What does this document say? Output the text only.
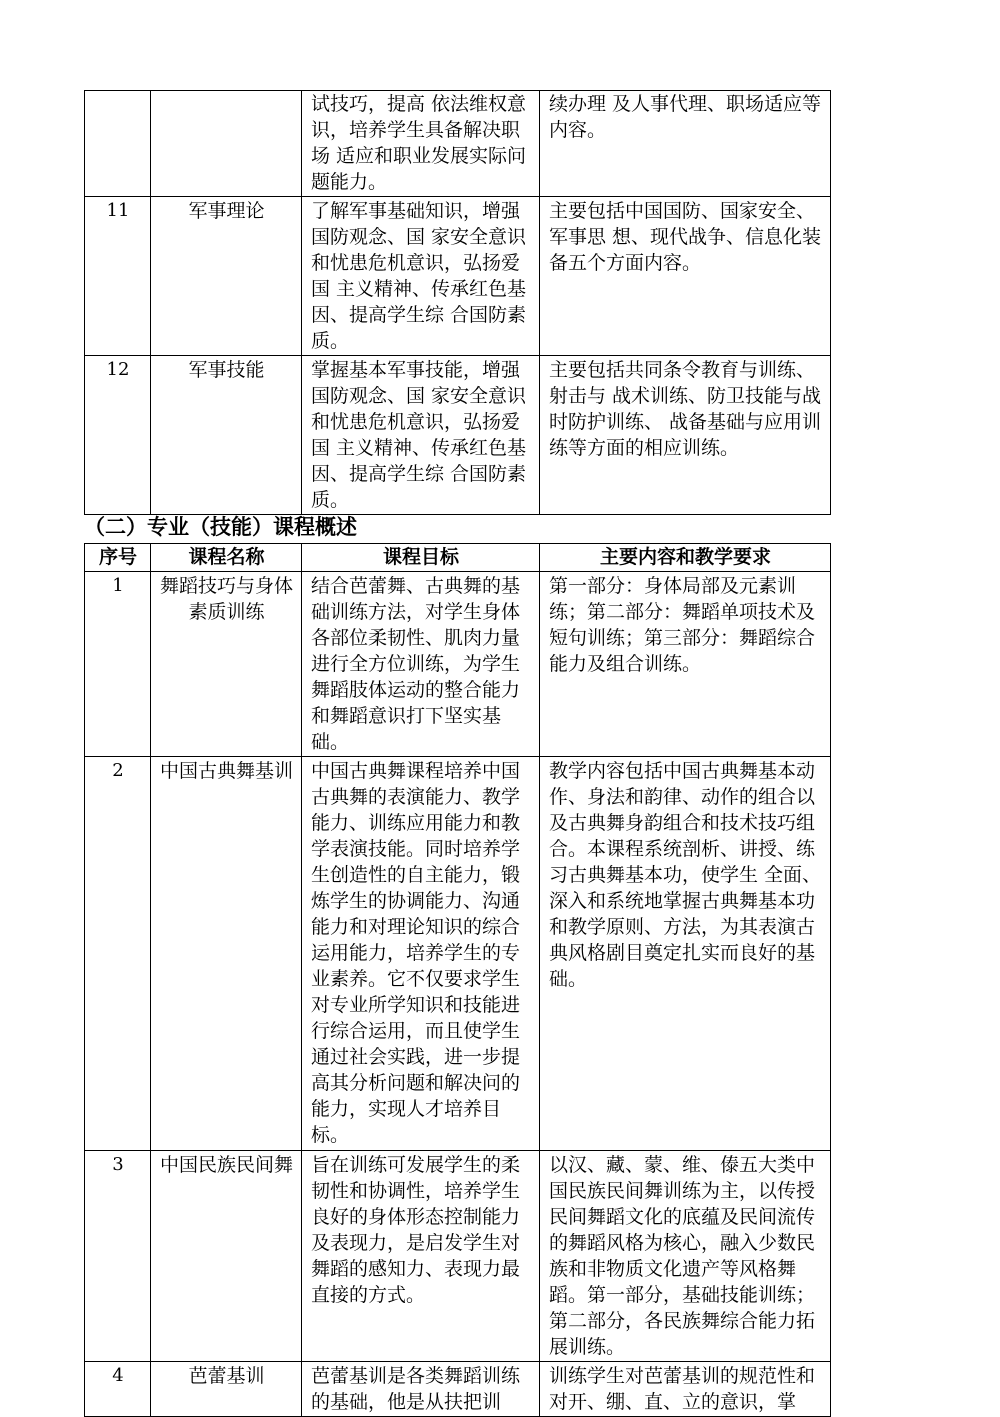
		试技巧，提高 依法维权意识，培养学生具备解决职场 适应和职业发展实际问题能力。	续办理 及人事代理、职场适应等内容。
11	军事理论	了解军事基础知识，增强国防观念、国 家安全意识和忧患危机意识，弘扬爱国 主义精神、传承红色基因、提高学生综 合国防素质。	主要包括中国国防、国家安全、军事思 想、现代战争、信息化装备五个方面内容。
12	军事技能	掌握基本军事技能，增强国防观念、国 家安全意识和忧患危机意识，弘扬爱国 主义精神、传承红色基因、提高学生综 合国防素质。	主要包括共同条令教育与训练、射击与 战术训练、防卫技能与战时防护训练、 战备基础与应用训练等方面的相应训练。
（二）专业（技能）课程概述
序号	课程名称	课程目标	主要内容和教学要求
1	舞蹈技巧与身体素质训练	结合芭蕾舞、古典舞的基础训练方法，对学生身体各部位柔韧性、肌肉力量进行全方位训练，为学生舞蹈肢体运动的整合能力和舞蹈意识打下坚实基础。	第一部分：身体局部及元素训练；第二部分：舞蹈单项技术及短句训练；第三部分：舞蹈综合能力及组合训练。
2	中国古典舞基训	中国古典舞课程培养中国古典舞的表演能力、教学能力、训练应用能力和教学表演技能。同时培养学生创造性的自主能力，锻炼学生的协调能力、沟通能力和对理论知识的综合运用能力，培养学生的专业素养。它不仅要求学生对专业所学知识和技能进行综合运用，而且使学生通过社会实践，进一步提高其分析问题和解决问的能力，实现人才培养目标。	教学内容包括中国古典舞基本动作、身法和韵律、动作的组合以及古典舞身韵组合和技术技巧组合。本课程系统剖析、讲授、练习古典舞基本功，使学生 全面、深入和系统地掌握古典舞基本功和教学原则、方法，为其表演古典风格剧目奠定扎实而良好的基础。
3	中国民族民间舞	旨在训练可发展学生的柔韧性和协调性，培养学生良好的身体形态控制能力及表现力，是启发学生对舞蹈的感知力、表现力最直接的方式。	以汉、藏、蒙、维、傣五大类中国民族民间舞训练为主，以传授民间舞蹈文化的底蕴及民间流传的舞蹈风格为核心，融入少数民族和非物质文化遗产等风格舞蹈。第一部分，基础技能训练；第二部分，各民族舞综合能力拓展训练。
4	芭蕾基训	芭蕾基训是各类舞蹈训练的基础，他是从扶把训	训练学生对芭蕾基训的规范性和对开、绷、直、立的意识，掌
